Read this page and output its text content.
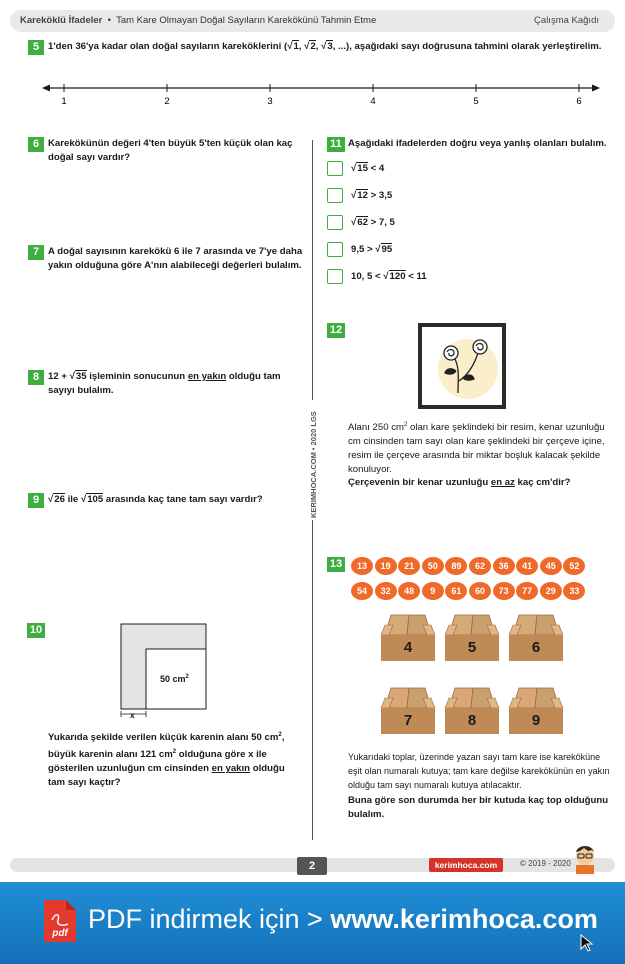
Kareköklü İfadeler  •  Tam Kare Olmayan Doğal Sayıların Karekökünü Tahmin Etme	Çalışma Kağıdı
5 1'den 36'ya kadar olan doğal sayıların kareköklerini (√1, √2, √3, ...), aşağıdaki sayı doğrusuna tahmini olarak yerleştirelim.
1	2	3	4	5	6
KERIMHOCA.COM • 2020 LGS
6 Karekökünün değeri 4'ten büyük 5'ten küçük olan kaç doğal sayı vardır?
7 A doğal sayısının karekökü 6 ile 7 arasında ve 7'ye daha yakın olduğuna göre A'nın alabileceği değerleri bulalım.
8 12 + √35 işleminin sonucunun en yakın olduğu tam sayıyı bulalım.
9 √26 ile √105 arasında kaç tane tam sayı vardır?
10
50 $cm^2$
x
Yukarıda şekilde verilen küçük karenin alanı 50 $cm^2$, büyük karenin alanı 121 $cm^2$ olduğuna göre x ile gösterilen uzunluğun cm cinsinden en yakın olduğu tam sayı kaçtır?
11 Aşağıdaki ifadelerden doğru veya yanlış olanları bulalım.
√15 < 4
√12 > 3,5
√62 > 7, 5
9,5 > √95
10, 5 < √120 < 11
12
Alanı 250 $cm^2$ olan kare şeklindeki bir resim, kenar uzunluğu cm cinsinden tam sayı olan kare şeklindeki bir çerçeve içine, resim ile çerçeve arasında bir miktar boşluk kalacak şekilde konuluyor.
Çerçevenin bir kenar uzunluğu en az kaç cm'dir?
13	13	19	21	50	89	62	36	41	45	52
54	32	48	9	61	60	73	77	29	33
4	5	6
7	8	9
Yukarıdaki toplar, üzerinde yazan sayı tam kare ise kareköküne eşit olan numaralı kutuya; tam kare değilse karekökünün en yakın olduğu tam sayı numaralı kutuya atılacaktır.
Buna göre son durumda her bir kutuda kaç top olduğunu bulalım.
2	kerimhoca.com	© 2019 - 2020
pdf PDF indirmek için > www.kerimhoca.com
